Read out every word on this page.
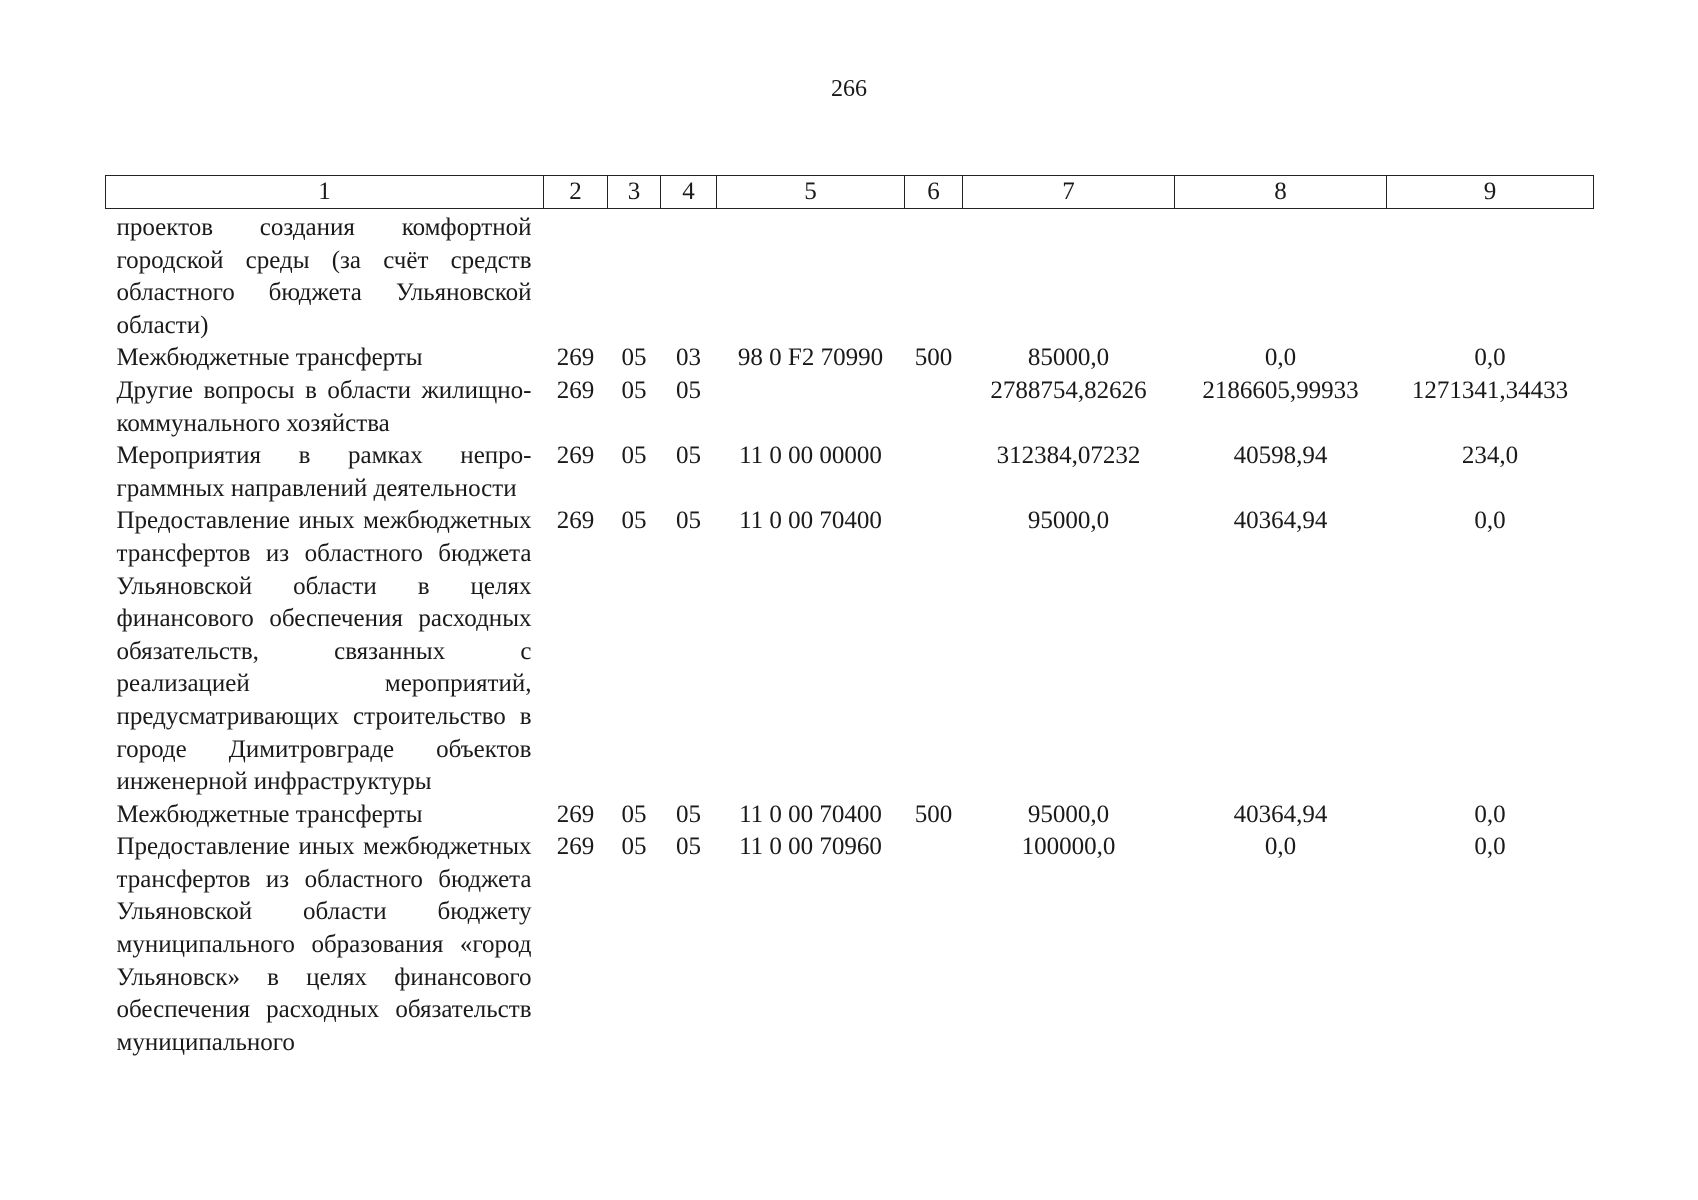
266
1	2	3	4	5	6	7	8	9
проектов создания комфортной городской среды (за счёт средств областного бюджета Ульяновской области)								
Межбюджетные трансферты	269	05	03	98 0 F2 70990	500	85000,0	0,0	0,0
Другие вопросы в области жилищно-коммунального хозяйства	269	05	05			2788754,82626	2186605,99933	1271341,34433
Мероприятия в рамках непрограммных направлений деятельности	269	05	05	11 0 00 00000		312384,07232	40598,94	234,0
Предоставление иных межбюджетных трансфертов из областного бюджета Ульяновской области в целях финансового обеспечения расходных обязательств, связанных с реализацией мероприятий, предусматривающих строительство в городе Димитровграде объектов инженерной инфраструктуры	269	05	05	11 0 00 70400		95000,0	40364,94	0,0
Межбюджетные трансферты	269	05	05	11 0 00 70400	500	95000,0	40364,94	0,0
Предоставление иных межбюджетных трансфертов из областного бюджета Ульяновской области бюджету муниципального образования «город Ульяновск» в целях финансового обеспечения расходных обязательств муниципального	269	05	05	11 0 00 70960		100000,0	0,0	0,0
